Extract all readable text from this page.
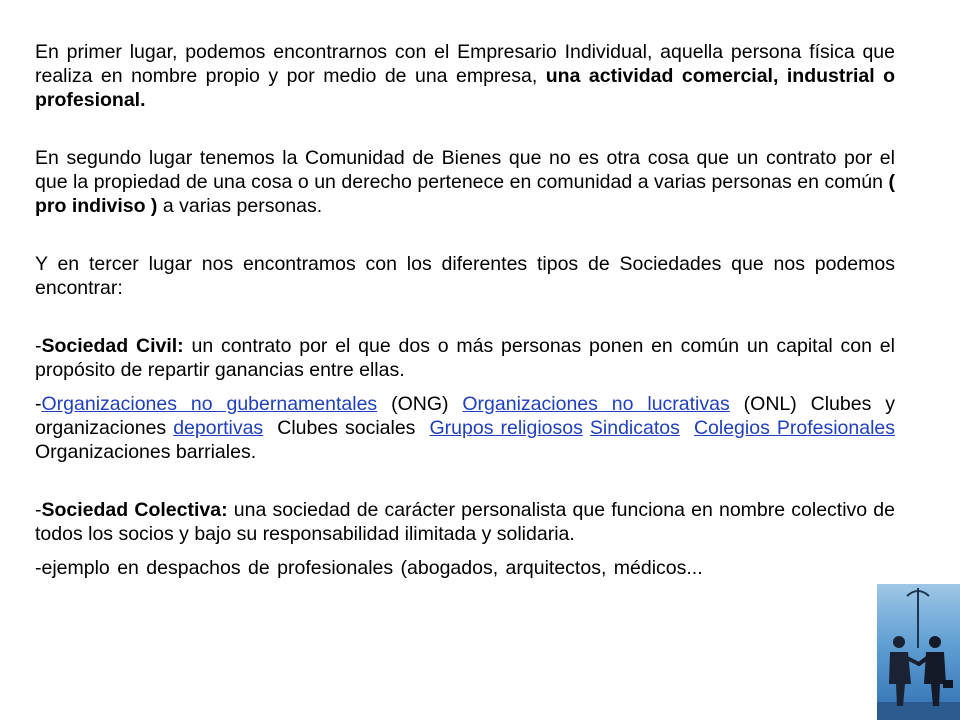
En primer lugar, podemos encontrarnos con el Empresario Individual, aquella persona física que realiza en nombre propio y por medio de una empresa, una actividad comercial, industrial o profesional.

En segundo lugar tenemos la Comunidad de Bienes que no es otra cosa que un contrato por el que la propiedad de una cosa o un derecho pertenece en comunidad a varias personas en común ( pro indiviso ) a varias personas.

Y en tercer lugar nos encontramos con los diferentes tipos de Sociedades que nos podemos encontrar:

-Sociedad Civil: un contrato por el que dos o más personas ponen en común un capital con el propósito de repartir ganancias entre ellas.

-Organizaciones no gubernamentales (ONG) Organizaciones no lucrativas (ONL) Clubes y organizaciones deportivas  Clubes sociales  Grupos religiosos Sindicatos Colegios Profesionales Organizaciones barriales.

-Sociedad Colectiva: una sociedad de carácter personalista que funciona en nombre colectivo de todos los socios y bajo su responsabilidad ilimitada y solidaria.

-ejemplo en despachos de profesionales (abogados, arquitectos, médicos...
